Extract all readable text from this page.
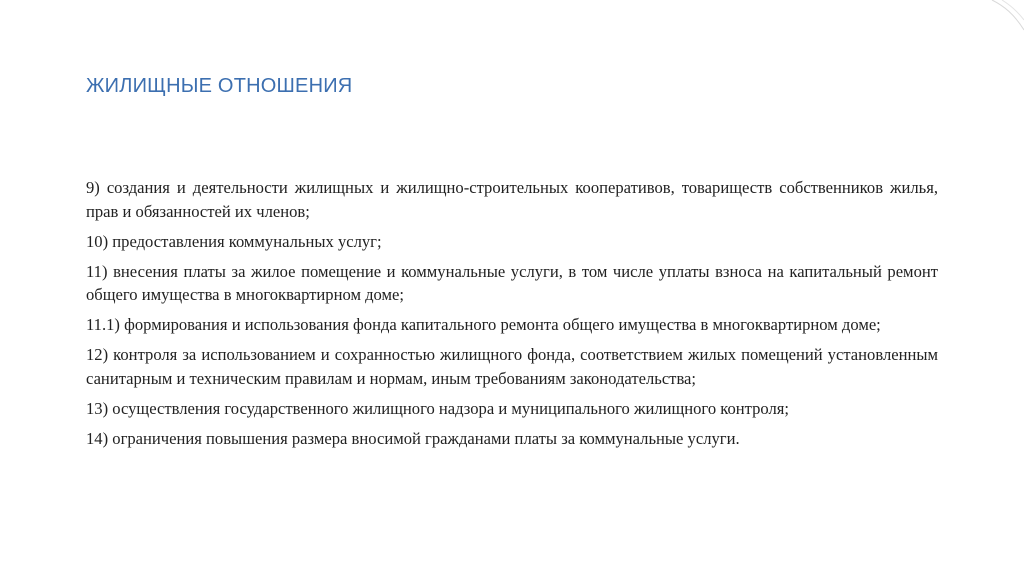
ЖИЛИЩНЫЕ ОТНОШЕНИЯ

9) создания и деятельности жилищных и жилищно-строительных кооперативов, товариществ собственников жилья, прав и обязанностей их членов;

10) предоставления коммунальных услуг;

11) внесения платы за жилое помещение и коммунальные услуги, в том числе уплаты взноса на капитальный ремонт общего имущества в многоквартирном доме;

11.1) формирования и использования фонда капитального ремонта общего имущества в многоквартирном доме;

12) контроля за использованием и сохранностью жилищного фонда, соответствием жилых помещений установленным санитарным и техническим правилам и нормам, иным требованиям законодательства;

13) осуществления государственного жилищного надзора и муниципального жилищного контроля;

14) ограничения повышения размера вносимой гражданами платы за коммунальные услуги.
